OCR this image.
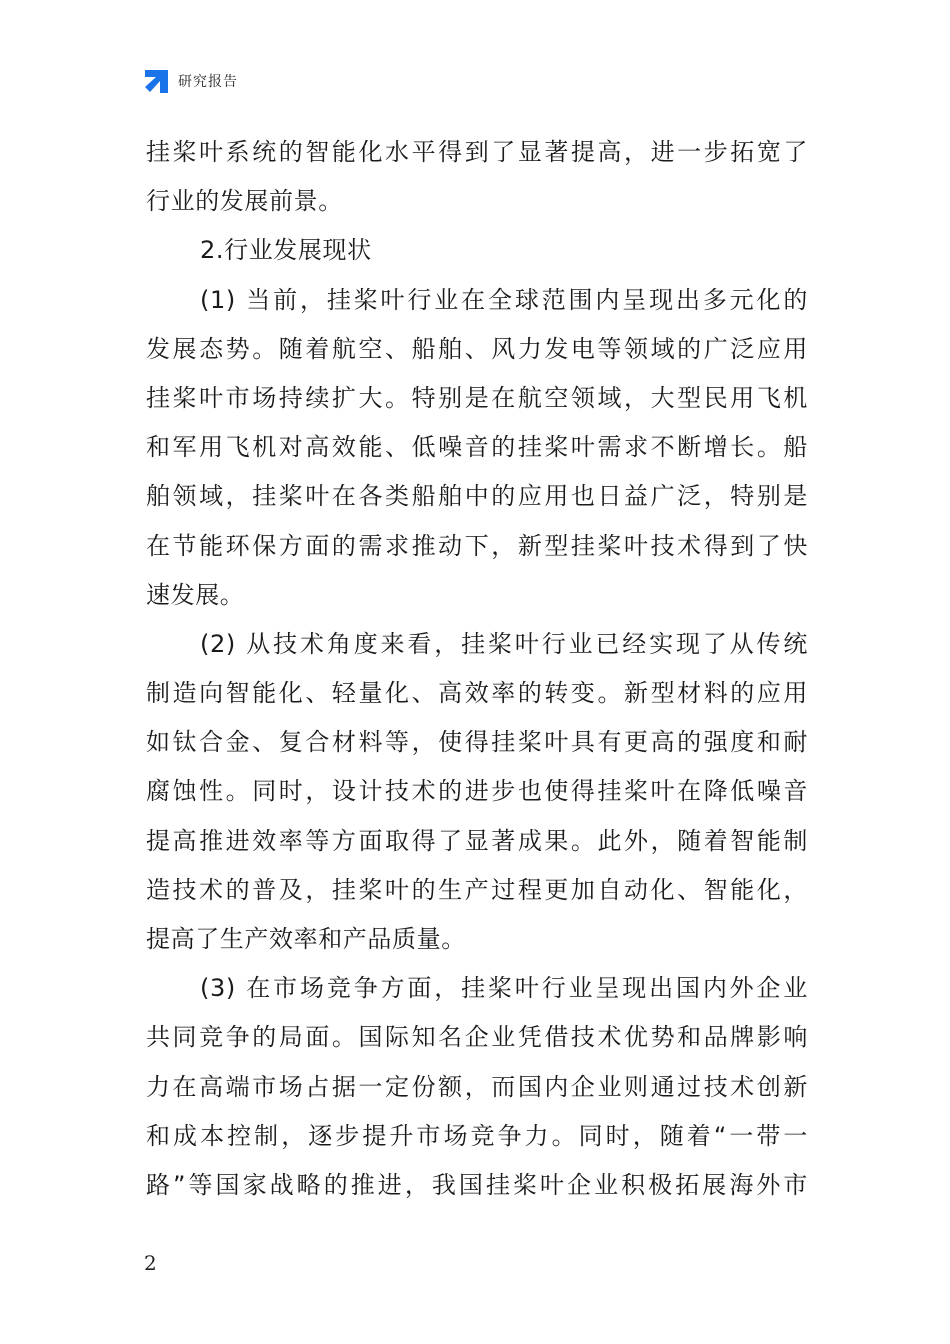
研究报告
挂桨叶系统的智能化水平得到了显著提高，进一步拓宽了
行业的发展前景。
2.行业发展现状
(1) 当前，挂桨叶行业在全球范围内呈现出多元化的
发展态势。随着航空、船舶、风力发电等领域的广泛应用
挂桨叶市场持续扩大。特别是在航空领域，大型民用飞机
和军用飞机对高效能、低噪音的挂桨叶需求不断增长。船
舶领域，挂桨叶在各类船舶中的应用也日益广泛，特别是
在节能环保方面的需求推动下，新型挂桨叶技术得到了快
速发展。
(2) 从技术角度来看，挂桨叶行业已经实现了从传统
制造向智能化、轻量化、高效率的转变。新型材料的应用
如钛合金、复合材料等，使得挂桨叶具有更高的强度和耐
腐蚀性。同时，设计技术的进步也使得挂桨叶在降低噪音
提高推进效率等方面取得了显著成果。此外，随着智能制
造技术的普及，挂桨叶的生产过程更加自动化、智能化，
提高了生产效率和产品质量。
(3) 在市场竞争方面，挂桨叶行业呈现出国内外企业
共同竞争的局面。国际知名企业凭借技术优势和品牌影响
力在高端市场占据一定份额，而国内企业则通过技术创新
和成本控制，逐步提升市场竞争力。同时，随着“一带一
路”等国家战略的推进，我国挂桨叶企业积极拓展海外市
2
